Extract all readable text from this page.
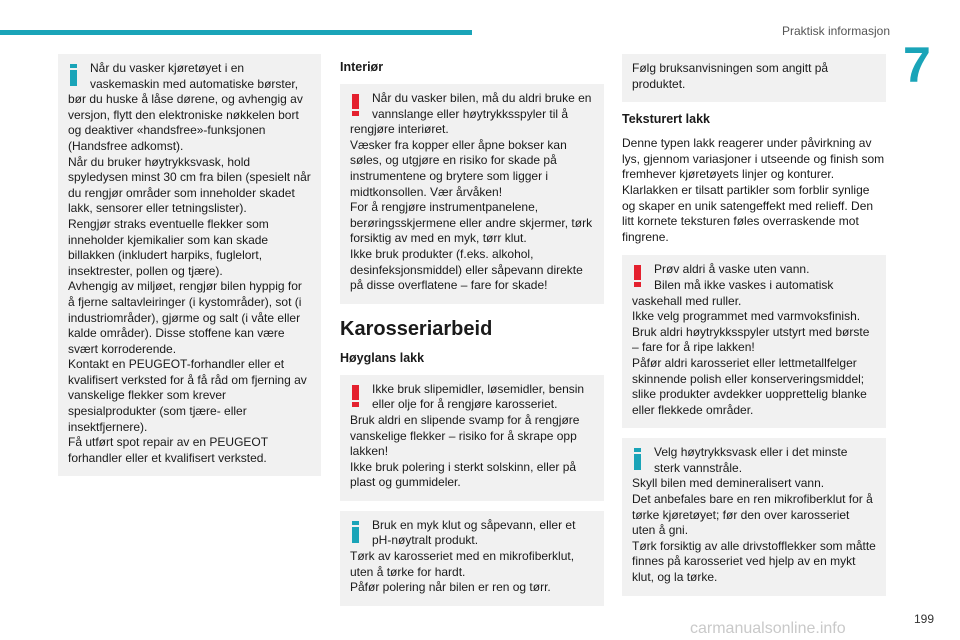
Praktisk informasjon
7
Når du vasker kjøretøyet i en vaskemaskin med automatiske børster,
bør du huske å låse dørene, og avhengig av versjon, flytt den elektroniske nøkkelen bort og deaktiver «handsfree»-funksjonen (Handsfree adkomst).
Når du bruker høytrykksvask, hold spyledysen minst 30 cm fra bilen (spesielt når du rengjør områder som inneholder skadet lakk, sensorer eller tetningslister).
Rengjør straks eventuelle flekker som inneholder kjemikalier som kan skade billakken (inkludert harpiks, fuglelort, insektrester, pollen og tjære).
Avhengig av miljøet, rengjør bilen hyppig for å fjerne saltavleiringer (i kystområder), sot (i industriområder), gjørme og salt (i våte eller kalde områder). Disse stoffene kan være svært korroderende.
Kontakt en PEUGEOT-forhandler eller et kvalifisert verksted for å få råd om fjerning av vanskelige flekker som krever spesialprodukter (som tjære- eller insektfjernere).
Få utført spot repair av en PEUGEOT forhandler eller et kvalifisert verksted.
Interiør
Når du vasker bilen, må du aldri bruke en vannslange eller høytrykksspyler til å
rengjøre interiøret.
Væsker fra kopper eller åpne bokser kan søles, og utgjøre en risiko for skade på instrumentene og brytere som ligger i midtkonsollen. Vær årvåken!
For å rengjøre instrumentpanelene, berøringsskjermene eller andre skjermer, tørk forsiktig av med en myk, tørr klut.
Ikke bruk produkter (f.eks. alkohol, desinfeksjonsmiddel) eller såpevann direkte på disse overflatene – fare for skade!
Karosseriarbeid
Høyglans lakk
Ikke bruk slipemidler, løsemidler, bensin eller olje for å rengjøre karosseriet.
Bruk aldri en slipende svamp for å rengjøre vanskelige flekker – risiko for å skrape opp lakken!
Ikke bruk polering i sterkt solskinn, eller på plast og gummideler.
Bruk en myk klut og såpevann, eller et pH-nøytralt produkt.
Tørk av karosseriet med en mikrofiberklut, uten å tørke for hardt.
Påfør polering når bilen er ren og tørr.
Følg bruksanvisningen som angitt på produktet.
Teksturert lakk
Denne typen lakk reagerer under påvirkning av lys, gjennom variasjoner i utseende og finish som fremhever kjøretøyets linjer og konturer. Klarlakken er tilsatt partikler som forblir synlige og skaper en unik satengeffekt med relieff. Den litt kornete teksturen føles overraskende mot fingrene.
Prøv aldri å vaske uten vann.
Bilen må ikke vaskes i automatisk
vaskehall med ruller.
Ikke velg programmet med varmvoksfinish.
Bruk aldri høytrykksspyler utstyrt med børste – fare for å ripe lakken!
Påfør aldri karosseriet eller lettmetallfelger skinnende polish eller konserveringsmiddel; slike produkter avdekker uopprettelig blanke eller flekkede områder.
Velg høytrykksvask eller i det minste sterk vannstråle.
Skyll bilen med demineralisert vann.
Det anbefales bare en ren mikrofiberklut for å tørke kjøretøyet; før den over karosseriet uten å gni.
Tørk forsiktig av alle drivstofflekker som måtte finnes på karosseriet ved hjelp av en mykt klut, og la tørke.
199
carmanualsonline.info
